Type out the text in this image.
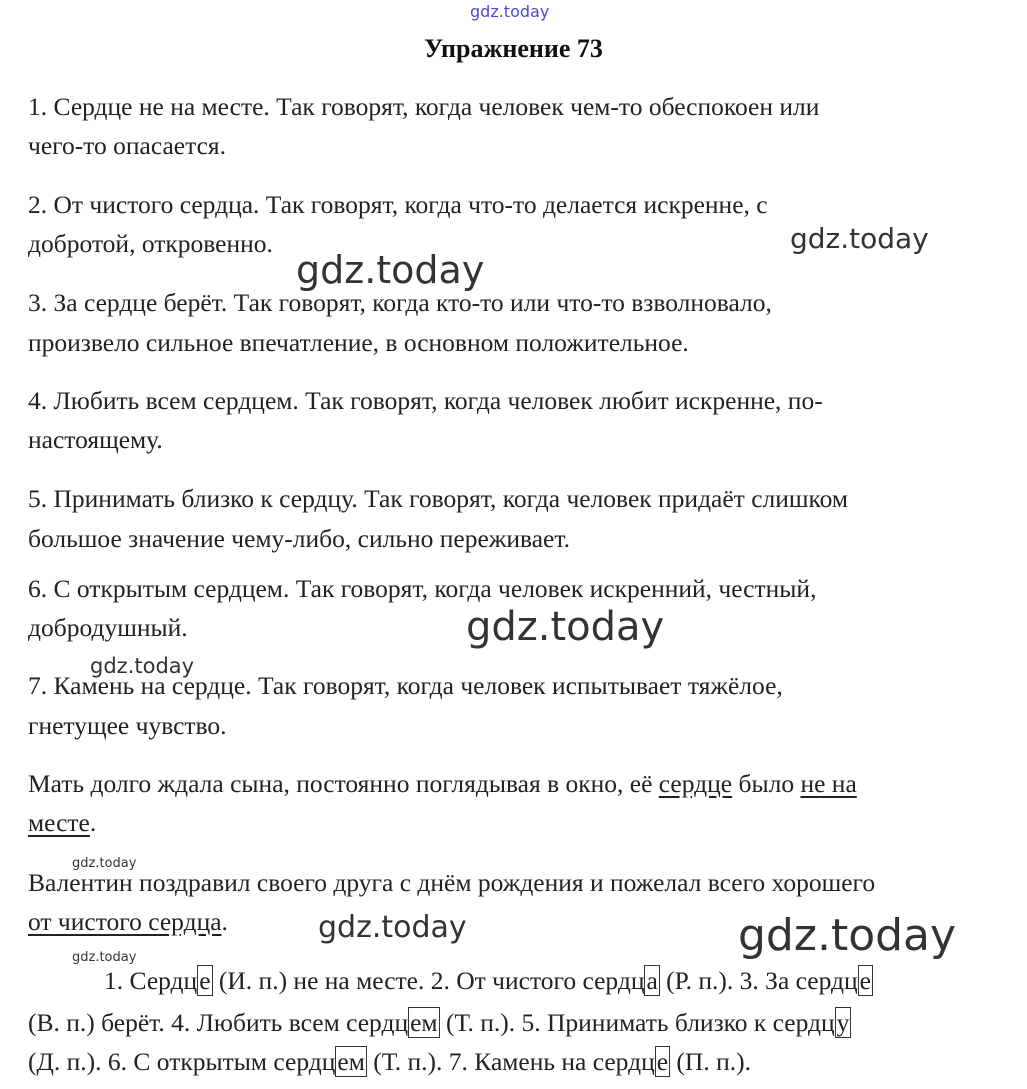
gdz.today
Упражнение 73
1. Сердце не на месте. Так говорят, когда человек чем-то обеспокоен или
чего-то опасается.
2. От чистого сердца. Так говорят, когда что-то делается искренне, с
добротой, откровенно.
3. За сердце берёт. Так говорят, когда кто-то или что-то взволновало,
произвело сильное впечатление, в основном положительное.
4. Любить всем сердцем. Так говорят, когда человек любит искренне, по-
настоящему.
5. Принимать близко к сердцу. Так говорят, когда человек придаёт слишком
большое значение чему-либо, сильно переживает.
6. С открытым сердцем. Так говорят, когда человек искренний, честный,
добродушный.
7. Камень на сердце. Так говорят, когда человек испытывает тяжёлое,
гнетущее чувство.
Мать долго ждала сына, постоянно поглядывая в окно, её сердце было не на
месте.
Валентин поздравил своего друга с днём рождения и пожелал всего хорошего
от чистого сердца.
1. Сердце (И. п.) не на месте. 2. От чистого сердца (Р. п.). 3. За сердце
(В. п.) берёт. 4. Любить всем сердцем (Т. п.). 5. Принимать близко к сердцу
(Д. п.). 6. С открытым сердцем (Т. п.). 7. Камень на сердце (П. п.).
gdz.today
gdz.today
gdz.today
gdz.today
gdz.today
gdz.today	gdz.today
gdz.today
